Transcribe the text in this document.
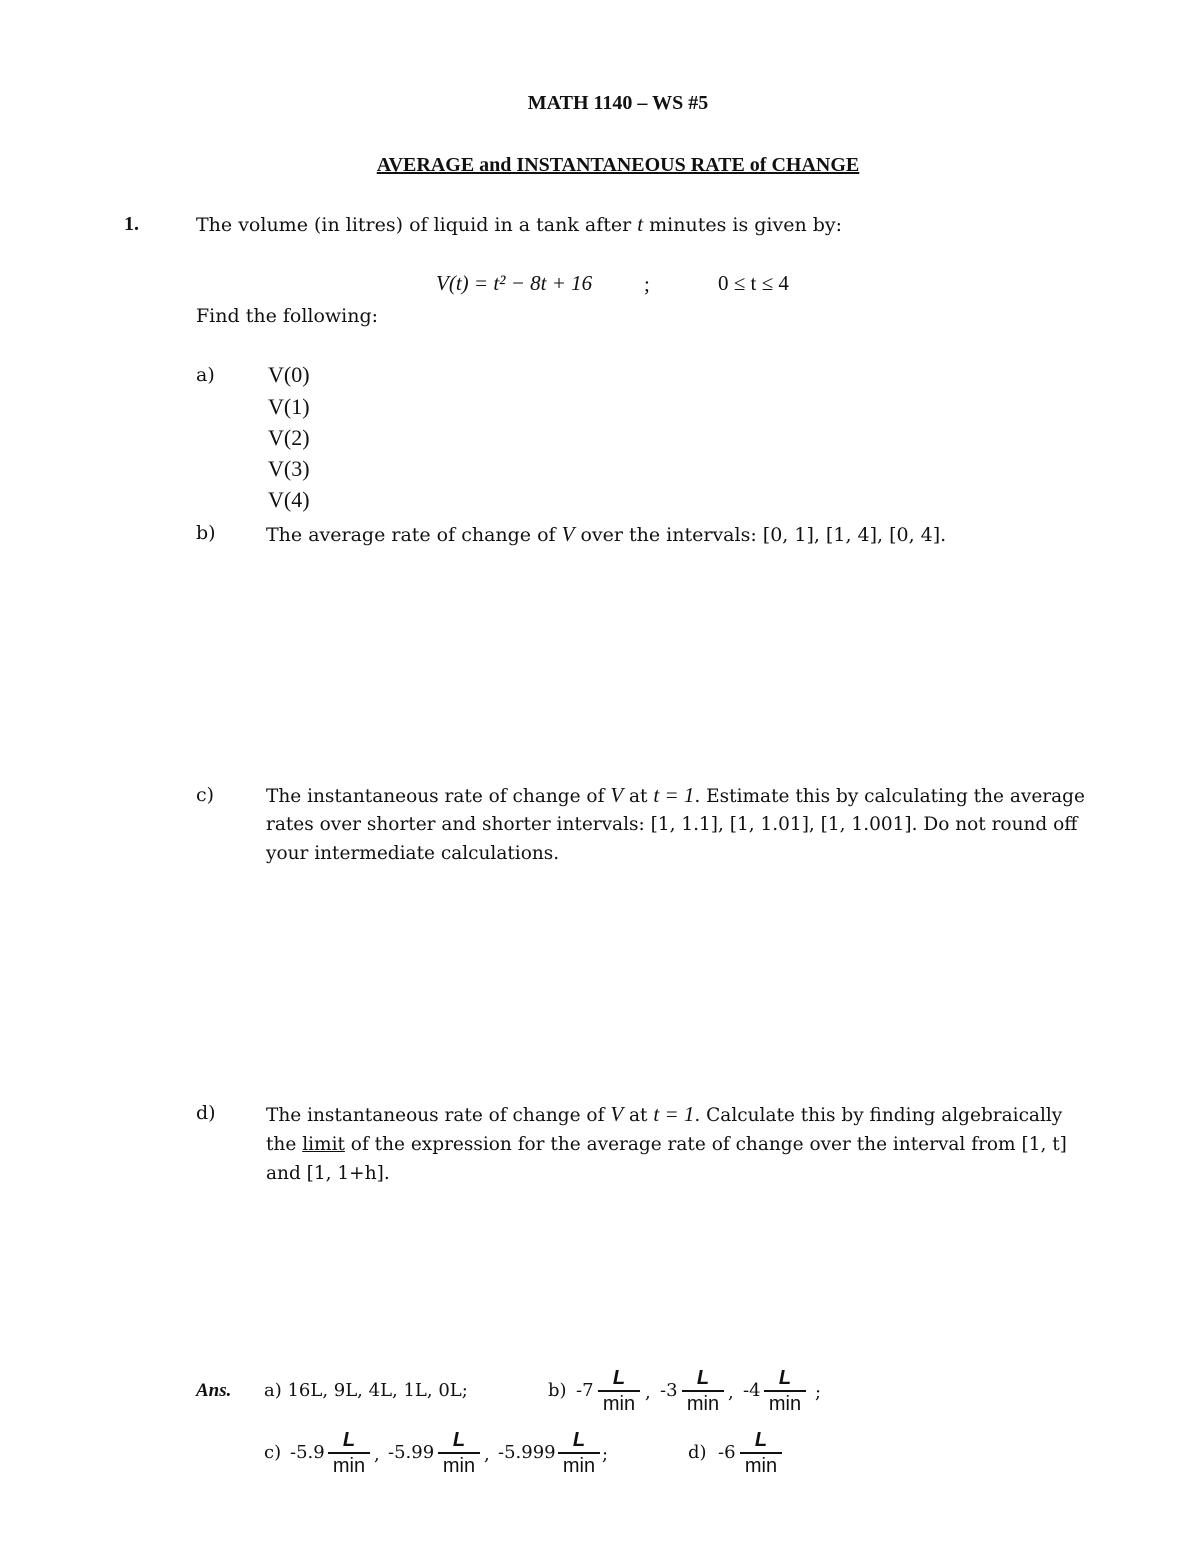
MATH 1140 – WS #5
AVERAGE and INSTANTANEOUS RATE of CHANGE
1.	The volume (in litres) of liquid in a tank after t minutes is given by:
V(t) = t² − 8t + 16 ;	0 ≤ t ≤ 4
Find the following:
a) V(0)
V(1)
V(2)
V(3)
V(4)
b)	The average rate of change of V over the intervals: [0, 1], [1, 4], [0, 4].
c)	The instantaneous rate of change of V at t = 1. Estimate this by calculating the average
rates over shorter and shorter intervals: [1, 1.1], [1, 1.01], [1, 1.001]. Do not round off
your intermediate calculations.
d)	The instantaneous rate of change of V at t = 1. Calculate this by finding algebraically
the limit of the expression for the average rate of change over the interval from [1, t]
and [1, 1+h].
Ans. a) 16L, 9L, 4L, 1L, 0L;	b) -7
L
min , -3
L
min , -4
L
min ;
c) -5.9
L
min , -5.99
L
min , -5.999
L
min ;	d) -6
L
min
